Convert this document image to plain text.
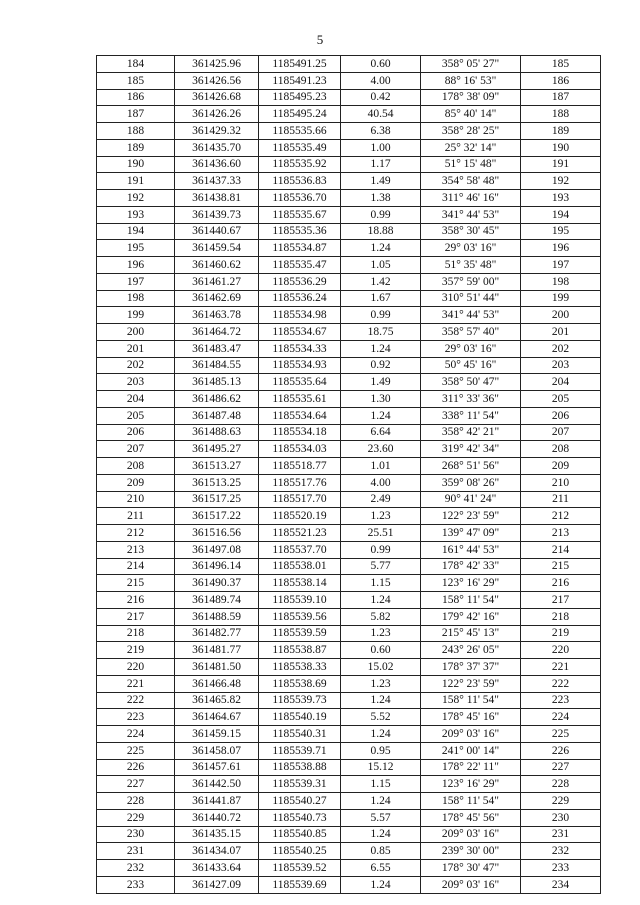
5
184	361425.96	1185491.25	0.60	358° 05' 27"	185
185	361426.56	1185491.23	4.00	88° 16' 53"	186
186	361426.68	1185495.23	0.42	178° 38' 09"	187
187	361426.26	1185495.24	40.54	85° 40' 14"	188
188	361429.32	1185535.66	6.38	358° 28' 25"	189
189	361435.70	1185535.49	1.00	25° 32' 14"	190
190	361436.60	1185535.92	1.17	51° 15' 48"	191
191	361437.33	1185536.83	1.49	354° 58' 48"	192
192	361438.81	1185536.70	1.38	311° 46' 16"	193
193	361439.73	1185535.67	0.99	341° 44' 53"	194
194	361440.67	1185535.36	18.88	358° 30' 45"	195
195	361459.54	1185534.87	1.24	29° 03' 16"	196
196	361460.62	1185535.47	1.05	51° 35' 48"	197
197	361461.27	1185536.29	1.42	357° 59' 00"	198
198	361462.69	1185536.24	1.67	310° 51' 44"	199
199	361463.78	1185534.98	0.99	341° 44' 53"	200
200	361464.72	1185534.67	18.75	358° 57' 40"	201
201	361483.47	1185534.33	1.24	29° 03' 16"	202
202	361484.55	1185534.93	0.92	50° 45' 16"	203
203	361485.13	1185535.64	1.49	358° 50' 47"	204
204	361486.62	1185535.61	1.30	311° 33' 36"	205
205	361487.48	1185534.64	1.24	338° 11' 54"	206
206	361488.63	1185534.18	6.64	358° 42' 21"	207
207	361495.27	1185534.03	23.60	319° 42' 34"	208
208	361513.27	1185518.77	1.01	268° 51' 56"	209
209	361513.25	1185517.76	4.00	359° 08' 26"	210
210	361517.25	1185517.70	2.49	90° 41' 24"	211
211	361517.22	1185520.19	1.23	122° 23' 59"	212
212	361516.56	1185521.23	25.51	139° 47' 09"	213
213	361497.08	1185537.70	0.99	161° 44' 53"	214
214	361496.14	1185538.01	5.77	178° 42' 33"	215
215	361490.37	1185538.14	1.15	123° 16' 29"	216
216	361489.74	1185539.10	1.24	158° 11' 54"	217
217	361488.59	1185539.56	5.82	179° 42' 16"	218
218	361482.77	1185539.59	1.23	215° 45' 13"	219
219	361481.77	1185538.87	0.60	243° 26' 05"	220
220	361481.50	1185538.33	15.02	178° 37' 37"	221
221	361466.48	1185538.69	1.23	122° 23' 59"	222
222	361465.82	1185539.73	1.24	158° 11' 54"	223
223	361464.67	1185540.19	5.52	178° 45' 16"	224
224	361459.15	1185540.31	1.24	209° 03' 16"	225
225	361458.07	1185539.71	0.95	241° 00' 14"	226
226	361457.61	1185538.88	15.12	178° 22' 11"	227
227	361442.50	1185539.31	1.15	123° 16' 29"	228
228	361441.87	1185540.27	1.24	158° 11' 54"	229
229	361440.72	1185540.73	5.57	178° 45' 56"	230
230	361435.15	1185540.85	1.24	209° 03' 16"	231
231	361434.07	1185540.25	0.85	239° 30' 00"	232
232	361433.64	1185539.52	6.55	178° 30' 47"	233
233	361427.09	1185539.69	1.24	209° 03' 16"	234
